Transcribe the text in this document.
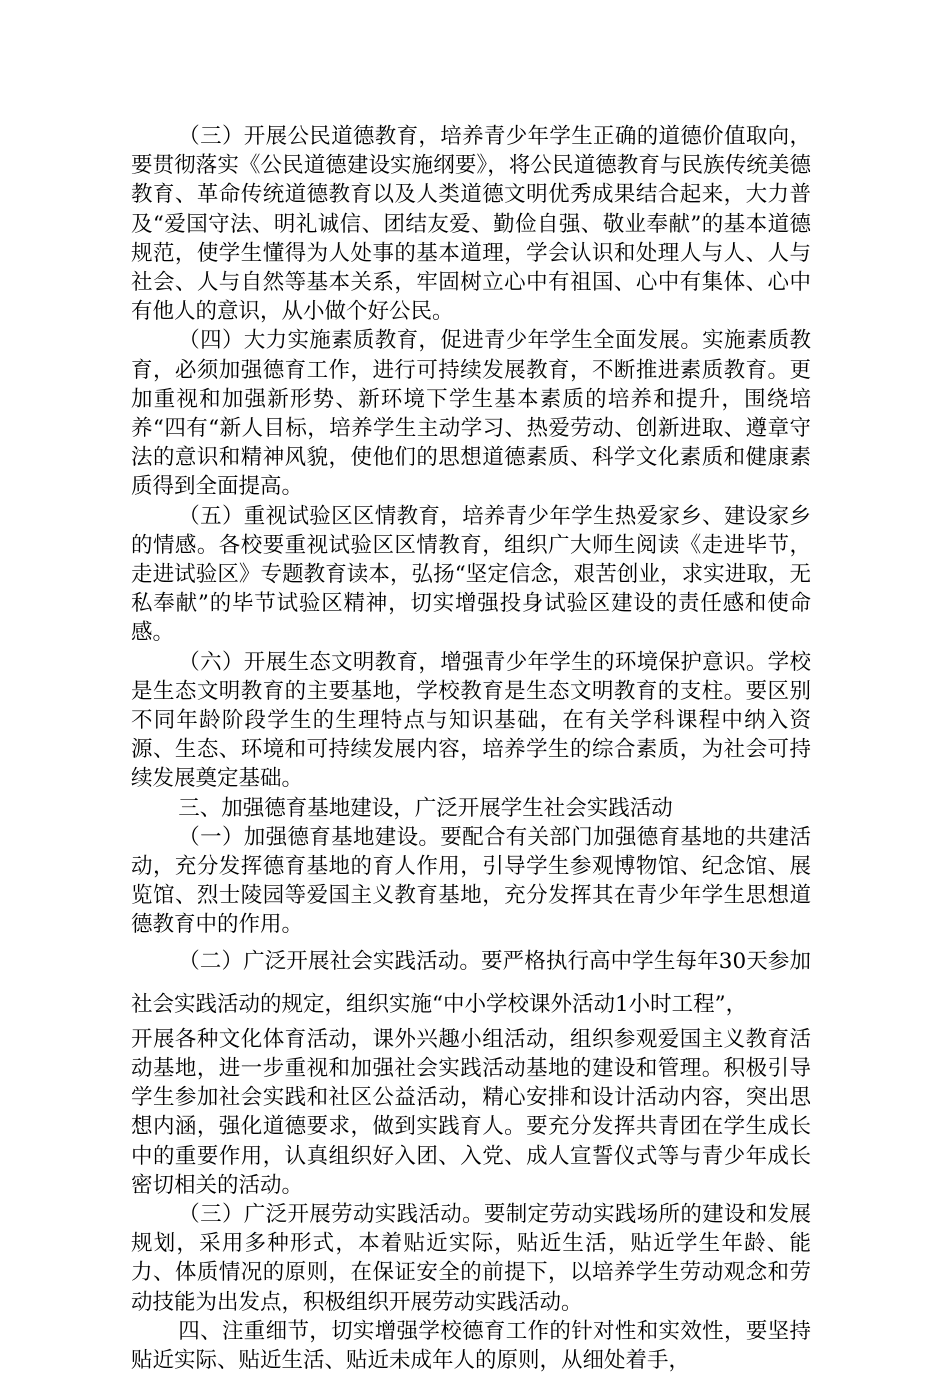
（三）开展公民道德教育，培养青少年学生正确的道德价值取向，要贯彻落实《公民道德建设实施纲要》，将公民道德教育与民族传统美德教育、革命传统道德教育以及人类道德文明优秀成果结合起来，大力普及“爱国守法、明礼诚信、团结友爱、勤俭自强、敬业奉献”的基本道德规范，使学生懂得为人处事的基本道理，学会认识和处理人与人、人与社会、人与自然等基本关系，牢固树立心中有祖国、心中有集体、心中有他人的意识，从小做个好公民。

（四）大力实施素质教育，促进青少年学生全面发展。实施素质教育，必须加强德育工作，进行可持续发展教育，不断推进素质教育。更加重视和加强新形势、新环境下学生基本素质的培养和提升，围绕培养“四有“新人目标，培养学生主动学习、热爱劳动、创新进取、遵章守法的意识和精神风貌，使他们的思想道德素质、科学文化素质和健康素质得到全面提高。

（五）重视试验区区情教育，培养青少年学生热爱家乡、建设家乡的情感。各校要重视试验区区情教育，组织广大师生阅读《走进毕节，走进试验区》专题教育读本，弘扬“坚定信念，艰苦创业，求实进取，无私奉献”的毕节试验区精神，切实增强投身试验区建设的责任感和使命感。

（六）开展生态文明教育，增强青少年学生的环境保护意识。学校是生态文明教育的主要基地，学校教育是生态文明教育的支柱。要区别不同年龄阶段学生的生理特点与知识基础，在有关学科课程中纳入资源、生态、环境和可持续发展内容，培养学生的综合素质，为社会可持续发展奠定基础。

三、加强德育基地建设，广泛开展学生社会实践活动

（一）加强德育基地建设。要配合有关部门加强德育基地的共建活动，充分发挥德育基地的育人作用，引导学生参观博物馆、纪念馆、展览馆、烈士陵园等爱国主义教育基地，充分发挥其在青少年学生思想道德教育中的作用。

（二）广泛开展社会实践活动。要严格执行高中学生每年30天参加社会实践活动的规定，组织实施“中小学校课外活动1小时工程”，

开展各种文化体育活动，课外兴趣小组活动，组织参观爱国主义教育活动基地，进一步重视和加强社会实践活动基地的建设和管理。积极引导学生参加社会实践和社区公益活动，精心安排和设计活动内容，突出思想内涵，强化道德要求，做到实践育人。要充分发挥共青团在学生成长中的重要作用，认真组织好入团、入党、成人宣誓仪式等与青少年成长密切相关的活动。

（三）广泛开展劳动实践活动。要制定劳动实践场所的建设和发展规划，采用多种形式，本着贴近实际，贴近生活，贴近学生年龄、能力、体质情况的原则，在保证安全的前提下，以培养学生劳动观念和劳动技能为出发点，积极组织开展劳动实践活动。

四、注重细节，切实增强学校德育工作的针对性和实效性，要坚持贴近实际、贴近生活、贴近未成年人的原则，从细处着手，
